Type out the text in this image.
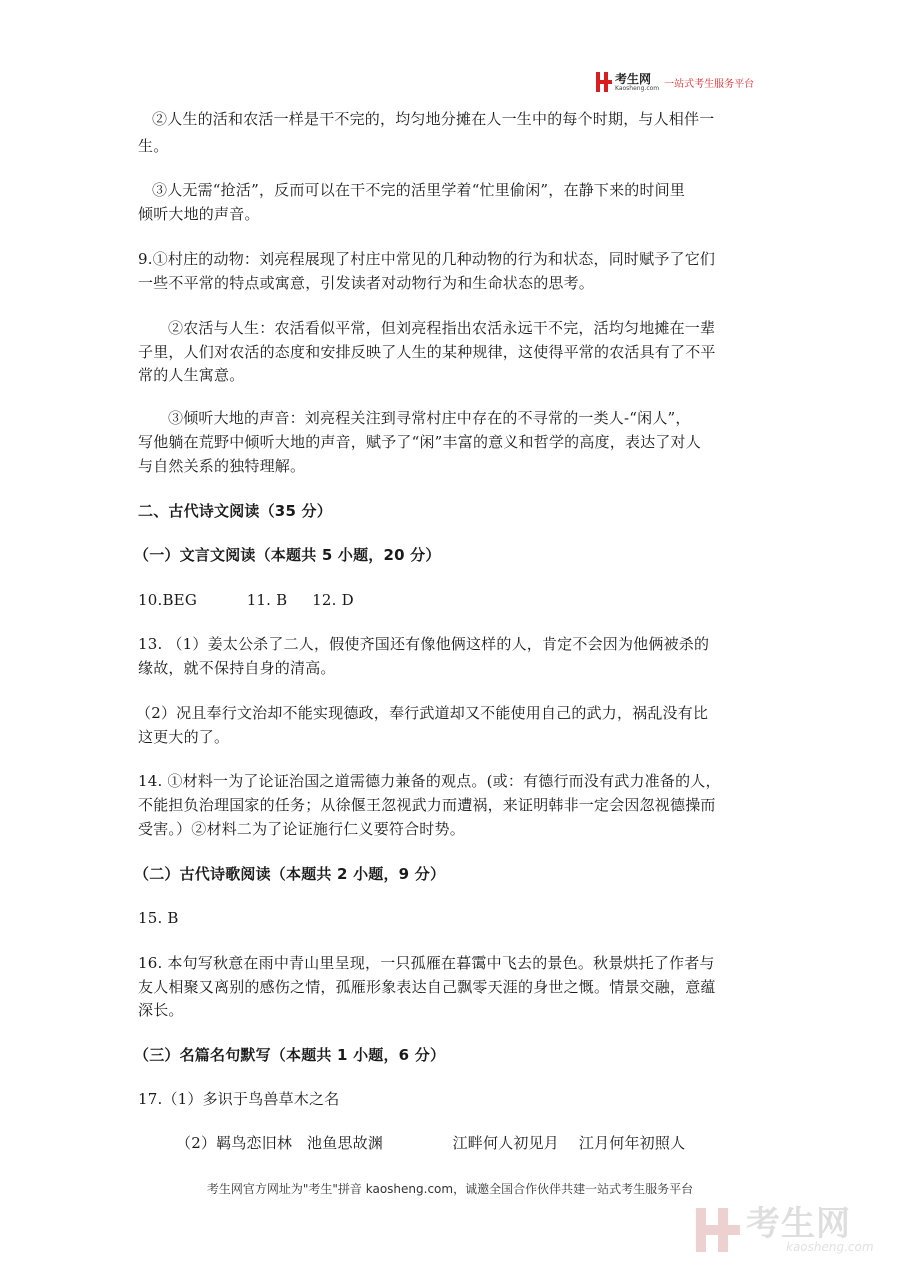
考生网
Kaosheng.com 一站式考生服务平台
②人生的活和农活一样是干不完的，均匀地分摊在人一生中的每个时期，与人相伴一
生。
③人无需“抢活”，反而可以在干不完的活里学着“忙里偷闲”，在静下来的时间里
倾听大地的声音。
9.①村庄的动物：刘亮程展现了村庄中常见的几种动物的行为和状态，同时赋予了它们
一些不平常的特点或寓意，引发读者对动物行为和生命状态的思考。
②农活与人生：农活看似平常，但刘亮程指出农活永远干不完，活均匀地摊在一辈
子里，人们对农活的态度和安排反映了人生的某种规律，这使得平常的农活具有了不平
常的人生寓意。
③倾听大地的声音：刘亮程关注到寻常村庄中存在的不寻常的一类人-“闲人”，
写他躺在荒野中倾听大地的声音，赋予了“闲”丰富的意义和哲学的高度，表达了对人
与自然关系的独特理解。
二、古代诗文阅读（35 分）
（一）文言文阅读（本题共 5 小题，20 分）
10.BEG          11. B     12. D
13. （1）姜太公杀了二人，假使齐国还有像他俩这样的人，肯定不会因为他俩被杀的
缘故，就不保持自身的清高。
（2）况且奉行文治却不能实现德政，奉行武道却又不能使用自己的武力，祸乱没有比
这更大的了。
14. ①材料一为了论证治国之道需德力兼备的观点。(或：有德行而没有武力准备的人，
不能担负治理国家的任务；从徐偃王忽视武力而遭祸，来证明韩非一定会因忽视德操而
受害。）②材料二为了论证施行仁义要符合时势。
（二）古代诗歌阅读（本题共 2 小题，9 分）
15. B
16. 本句写秋意在雨中青山里呈现，一只孤雁在暮霭中飞去的景色。秋景烘托了作者与
友人相聚又离别的感伤之情，孤雁形象表达自己飘零天涯的身世之慨。情景交融，意蕴
深长。
（三）名篇名句默写（本题共 1 小题，6 分）
17.（1）多识于鸟兽草木之名
（2）羁鸟恋旧林   池鱼思故渊              江畔何人初见月    江月何年初照人
考生网官方网址为"考生"拼音 kaosheng.com，诚邀全国合作伙伴共建一站式考生服务平台
考生网
kaosheng.com
